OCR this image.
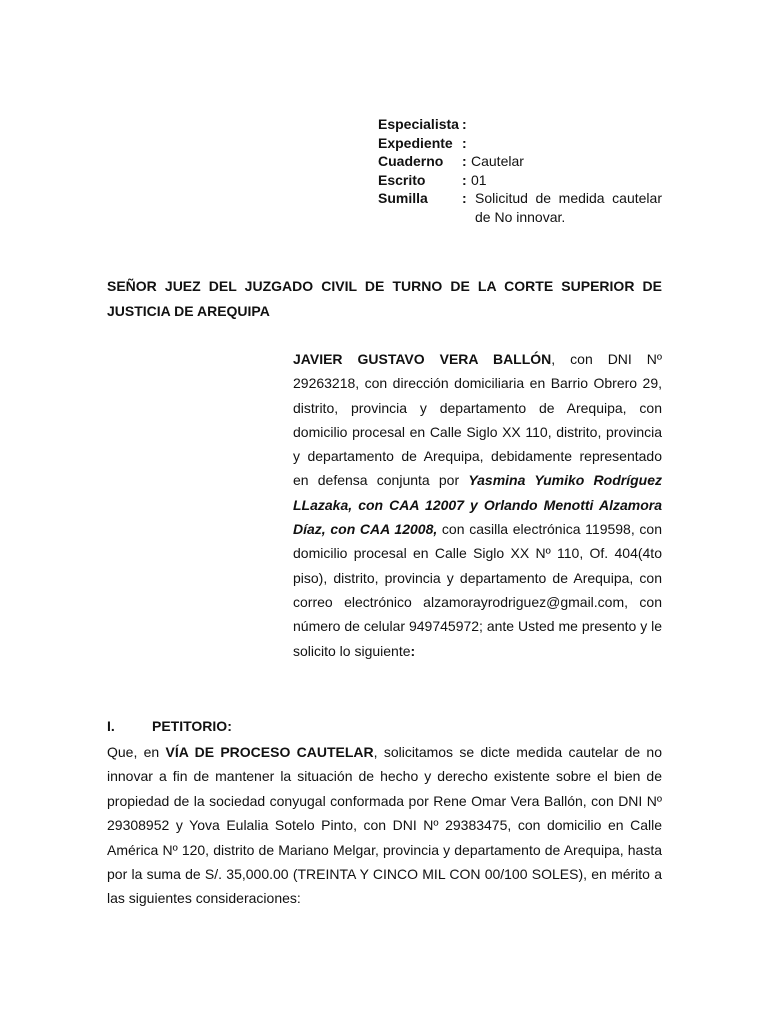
Especialista :
Expediente :
Cuaderno	: Cautelar
Escrito	: 01
Sumilla	: Solicitud de medida cautelar de No innovar.
SEÑOR JUEZ DEL JUZGADO CIVIL DE TURNO DE LA CORTE SUPERIOR DE
JUSTICIA DE AREQUIPA
JAVIER GUSTAVO VERA BALLÓN, con DNI Nº 29263218, con dirección domiciliaria en Barrio Obrero 29, distrito, provincia y departamento de Arequipa, con domicilio procesal en Calle Siglo XX 110, distrito, provincia y departamento de Arequipa, debidamente representado en defensa conjunta por Yasmina Yumiko Rodríguez LLazaka, con CAA 12007 y Orlando Menotti Alzamora Díaz, con CAA 12008, con casilla electrónica 119598, con domicilio procesal en Calle Siglo XX Nº 110, Of. 404(4to piso), distrito, provincia y departamento de Arequipa, con correo electrónico alzamorayrodriguez@gmail.com, con número de celular 949745972; ante Usted me presento y le solicito lo siguiente:
I.	PETITORIO:
Que, en VÍA DE PROCESO CAUTELAR, solicitamos se dicte medida cautelar de no innovar a fin de mantener la situación de hecho y derecho existente sobre el bien de propiedad de la sociedad conyugal conformada por Rene Omar Vera Ballón, con DNI Nº 29308952 y Yova Eulalia Sotelo Pinto, con DNI Nº 29383475, con domicilio en Calle América Nº 120, distrito de Mariano Melgar, provincia y departamento de Arequipa, hasta por la suma de S/. 35,000.00 (TREINTA Y CINCO MIL CON 00/100 SOLES), en mérito a las siguientes consideraciones:
